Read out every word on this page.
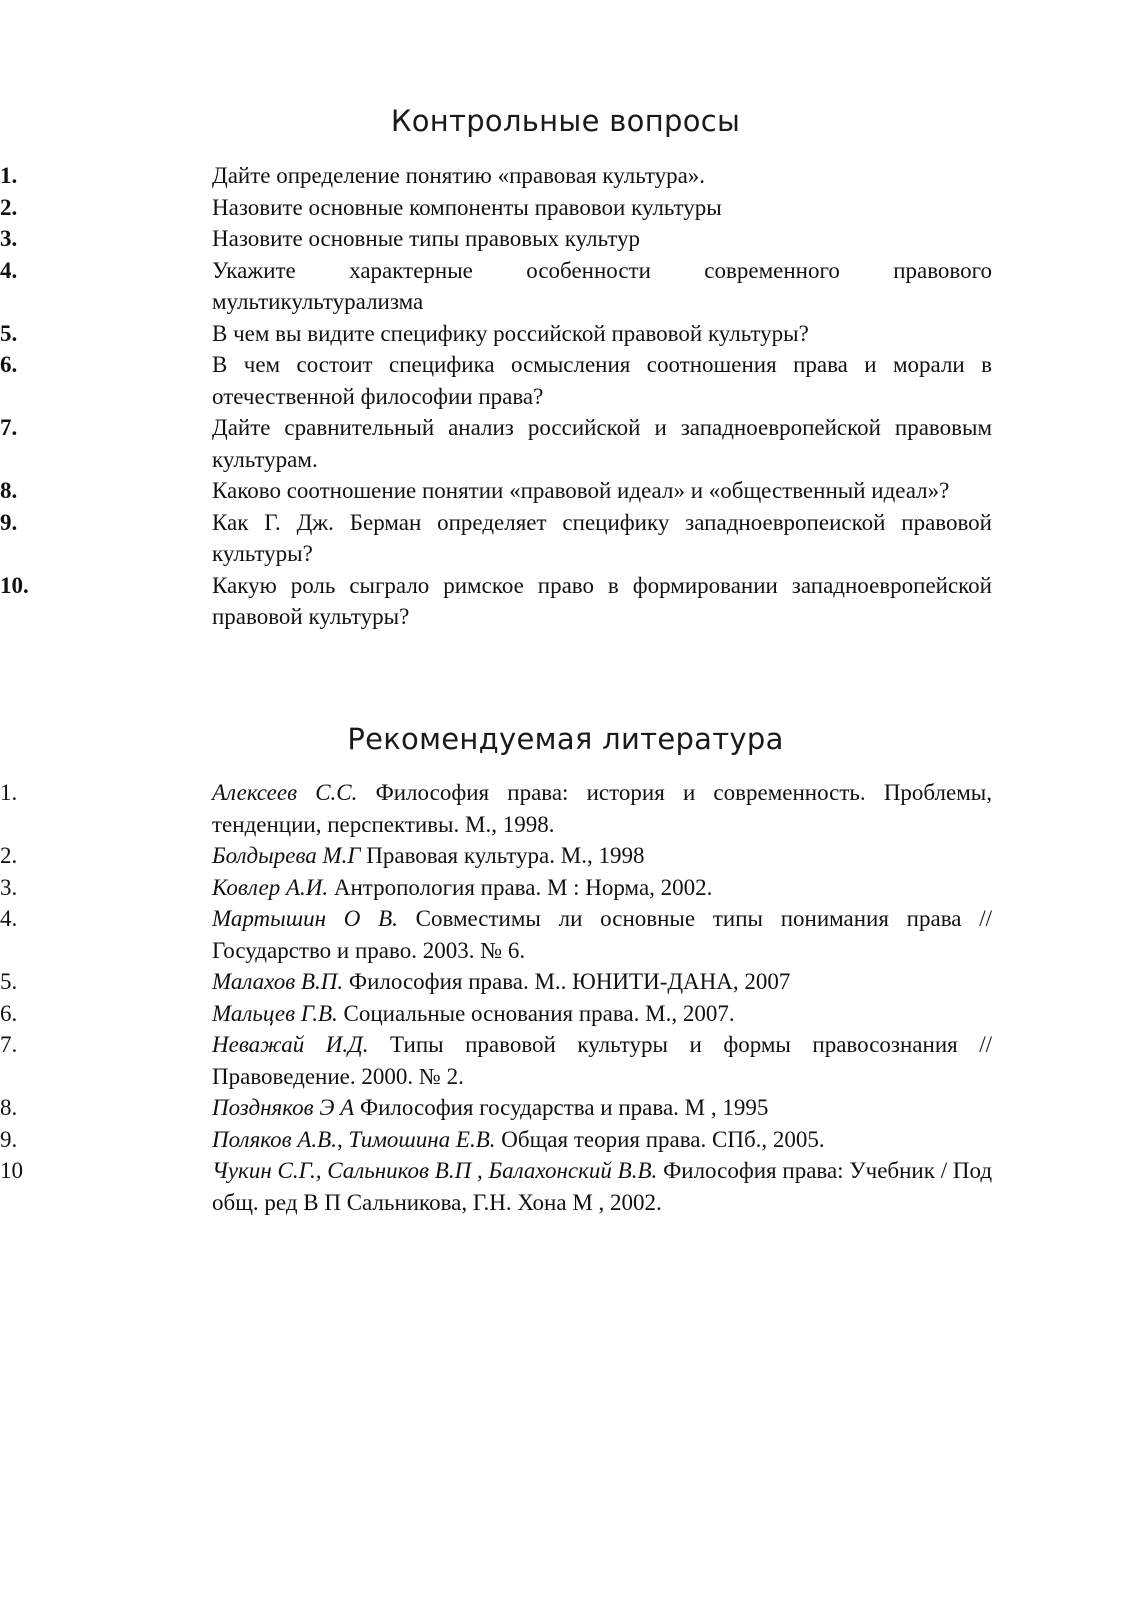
Контрольные вопросы
1.	Дайте определение понятию «правовая культура».
2.	Назовите основные компоненты правовои культуры
3.	Назовите основные типы правовых культур
4.	Укажите характерные особенности современного правового мультикультурализма
5.	В чем вы видите специфику российской правовой культуры?
6.	В чем состоит специфика осмысления соотношения права и морали в отечественной философии права?
7.	Дайте сравнительный анализ российской и западноевропейской правовым культурам.
8.	Каково соотношение понятии «правовой идеал» и «общественный идеал»?
9.	Как Г. Дж. Берман определяет специфику западноевропеиской правовой культуры?
10.	Какую роль сыграло римское право в формировании западноевропейской правовой культуры?
Рекомендуемая литература
1.	Алексеев С.С. Философия права: история и современность. Проблемы, тенденции, перспективы. М., 1998.
2.	Болдырева М.Г Правовая культура. М., 1998
3.	Ковлер А.И. Антропология права. М : Норма, 2002.
4.	Мартышин О В. Совместимы ли основные типы понимания права // Государство и право. 2003. № 6.
5.	Малахов В.П. Философия права. М.. ЮНИТИ-ДАНА, 2007
6.	Мальцев Г.В. Социальные основания права. М., 2007.
7.	Неважай И.Д. Типы правовой культуры и формы правосознания // Правоведение. 2000. № 2.
8.	Поздняков Э А Философия государства и права. М , 1995
9.	Поляков А.В., Тимошина Е.В. Общая теория права. СПб., 2005.
10	Чукин С.Г., Сальников В.П , Балахонский В.В. Философия права: Учебник / Под общ. ред В П Сальникова, Г.Н. Хона М , 2002.
